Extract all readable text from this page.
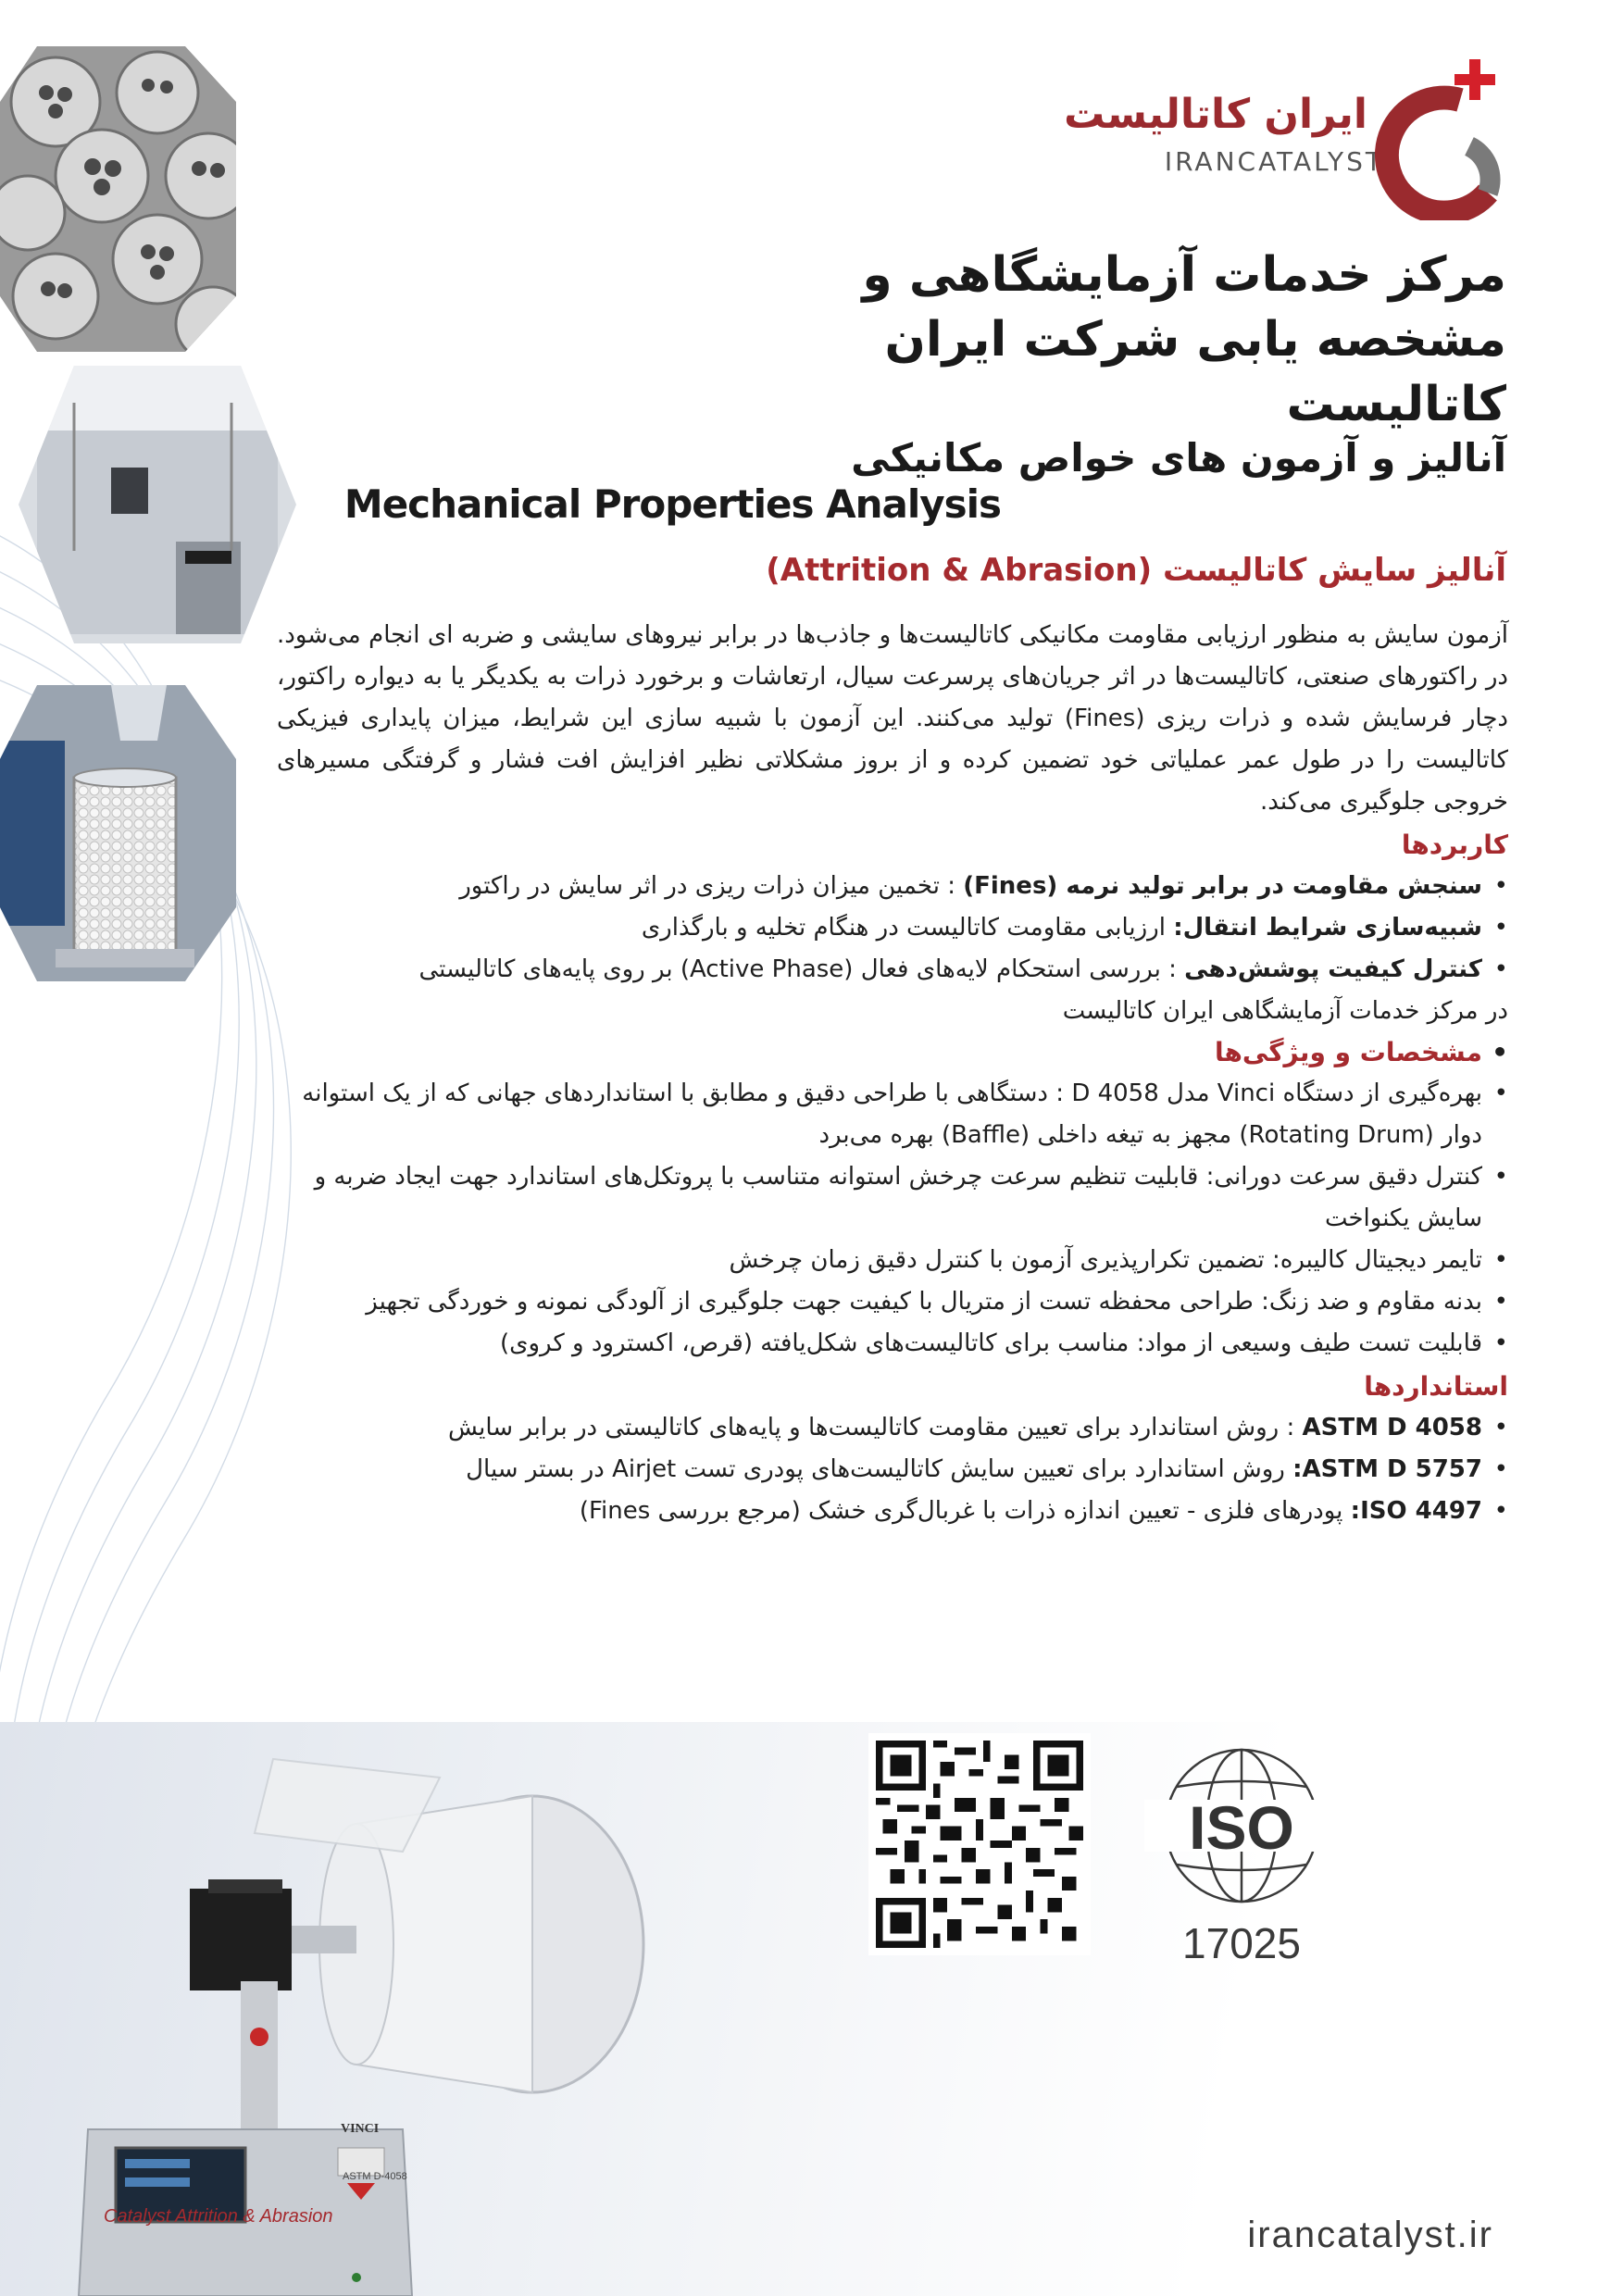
ایران کاتالیست
IRANCATALYST

مرکز خدمات آزمایشگاهی و

مشخصه یابی شرکت ایران کاتالیست

آنالیز و آزمون های خواص مکانیکی
Mechanical Properties Analysis
آنالیز سایش کاتالیست (Attrition & Abrasion)

آزمون سایش به منظور ارزیابی مقاومت مکانیکی کاتالیست‌ها و جاذب‌ها در برابر نیروهای سایشی و ضربه ای انجام می‌شود. در راکتورهای صنعتی، کاتالیست‌ها در اثر جریان‌های پرسرعت سیال، ارتعاشات و برخورد ذرات به یکدیگر یا به دیواره راکتور، دچار فرسایش شده و ذرات ریزی (Fines) تولید می‌کنند. این آزمون با شبیه سازی این شرایط، میزان پایداری فیزیکی کاتالیست را در طول عمر عملیاتی خود تضمین کرده و از بروز مشکلاتی نظیر افزایش افت فشار و گرفتگی مسیرهای خروجی جلوگیری می‌کند.

کاربردها

• سنجش مقاومت در برابر تولید نرمه (Fines) : تخمین میزان ذرات ریزی در اثر سایش در راکتور
• شبیه‌سازی شرایط انتقال: ارزیابی مقاومت کاتالیست در هنگام تخلیه و بارگذاری
• کنترل کیفیت پوشش‌دهی : بررسی استحکام لایه‌های فعال (Active Phase) بر روی پایه‌های کاتالیستی

در مرکز خدمات آزمایشگاهی ایران کاتالیست

• مشخصات و ویژگی‌ها

• بهره‌گیری از دستگاه Vinci مدل D 4058 : دستگاهی با طراحی دقیق و مطابق با استانداردهای جهانی که از یک استوانه دوار (Rotating Drum) مجهز به تیغه داخلی (Baffle) بهره می‌برد
• کنترل دقیق سرعت دورانی: قابلیت تنظیم سرعت چرخش استوانه متناسب با پروتکل‌های استاندارد جهت ایجاد ضربه و سایش یکنواخت
• تایمر دیجیتال کالیبره: تضمین تکرارپذیری آزمون با کنترل دقیق زمان چرخش
• بدنه مقاوم و ضد زنگ: طراحی محفظه تست از متریال با کیفیت جهت جلوگیری از آلودگی نمونه و خوردگی تجهیز
• قابلیت تست طیف وسیعی از مواد: مناسب برای کاتالیست‌های شکل‌یافته (قرص، اکسترود و کروی)

استانداردها

• ASTM D 4058 : روش استاندارد برای تعیین مقاومت کاتالیست‌ها و پایه‌های کاتالیستی در برابر سایش
• ASTM D 5757: روش استاندارد برای تعیین سایش کاتالیست‌های پودری تست Airjet در بستر سیال
• ISO 4497: پودرهای فلزی - تعیین اندازه ذرات با غربال‌گری خشک (مرجع بررسی Fines)
ISO
17025
VINCI
ASTM D-4058
Catalyst Attrition & Abrasion	irancatalyst.ir
